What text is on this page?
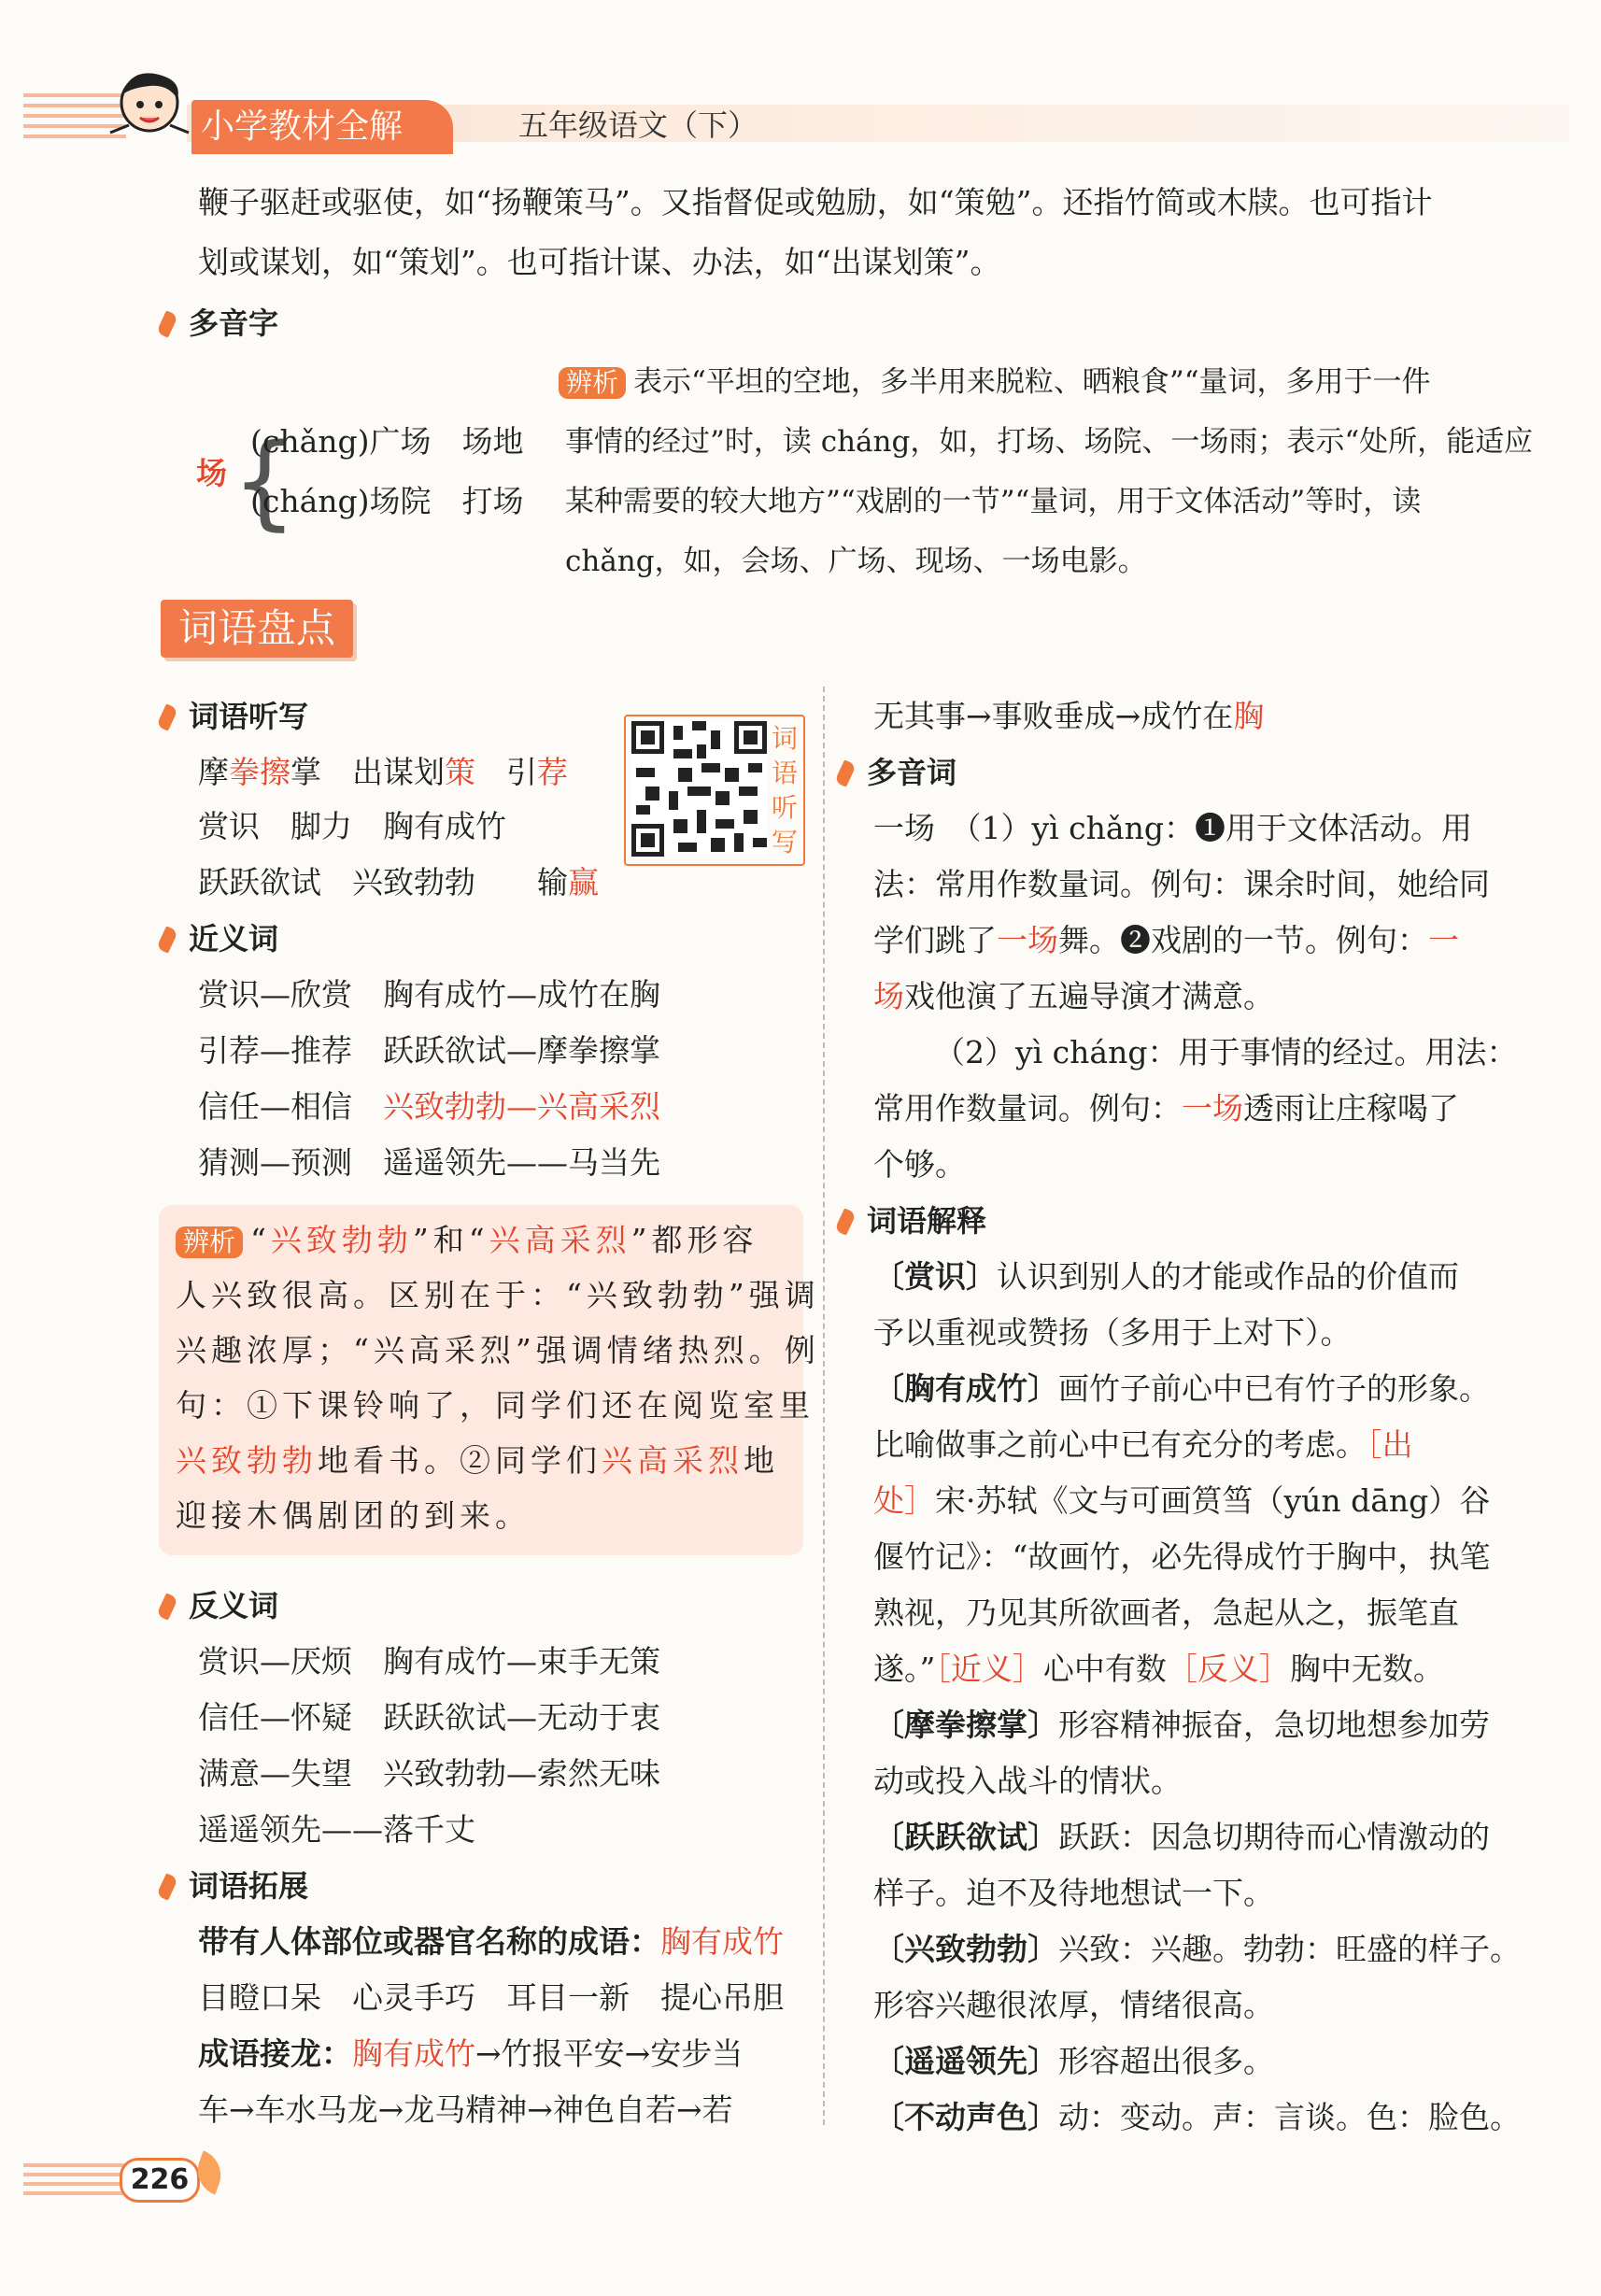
小学教材全解	五年级语文（下）
鞭子驱赶或驱使，如“扬鞭策马”。又指督促或勉励，如“策勉”。还指竹简或木牍。也可指计
划或谋划，如“策划”。也可指计谋、办法，如“出谋划策”。
多音字
场 {
(chǎng)广场　场地
(cháng)场院　打场
辨析 表示“平坦的空地，多半用来脱粒、晒粮食”“量词，多用于一件
事情的经过”时，读 cháng，如，打场、场院、一场雨；表示“处所，能适应
某种需要的较大地方”“戏剧的一节”“量词，用于文体活动”等时，读
chǎng，如，会场、广场、现场、一场电影。
词语盘点
词语听写
摩拳擦掌　出谋划策　引荐
赏识　脚力　胸有成竹
跃跃欲试　兴致勃勃　　输赢
词语听写
近义词
赏识—欣赏　胸有成竹—成竹在胸
引荐—推荐　跃跃欲试—摩拳擦掌
信任—相信　兴致勃勃—兴高采烈
猜测—预测　遥遥领先——马当先
辨析 “兴致勃勃”和“兴高采烈”都形容
人兴致很高。区别在于：“兴致勃勃”强调
兴趣浓厚；“兴高采烈”强调情绪热烈。例
句：①下课铃响了，同学们还在阅览室里
兴致勃勃地看书。②同学们兴高采烈地
迎接木偶剧团的到来。
反义词
赏识—厌烦　胸有成竹—束手无策
信任—怀疑　跃跃欲试—无动于衷
满意—失望　兴致勃勃—索然无味
遥遥领先——落千丈
词语拓展
带有人体部位或器官名称的成语：胸有成竹
目瞪口呆　心灵手巧　耳目一新　提心吊胆
成语接龙：胸有成竹→竹报平安→安步当
车→车水马龙→龙马精神→神色自若→若
无其事→事败垂成→成竹在胸
多音词
一场　（1）yì chǎng：❶用于文体活动。用
法：常用作数量词。例句：课余时间，她给同
学们跳了一场舞。❷戏剧的一节。例句：一
场戏他演了五遍导演才满意。
（2）yì cháng：用于事情的经过。用法：
常用作数量词。例句：一场透雨让庄稼喝了
个够。
词语解释
〔赏识〕认识到别人的才能或作品的价值而
予以重视或赞扬（多用于上对下）。
〔胸有成竹〕画竹子前心中已有竹子的形象。
比喻做事之前心中已有充分的考虑。［出
处］宋·苏轼《文与可画筼筜（yún dāng）谷
偃竹记》：“故画竹，必先得成竹于胸中，执笔
熟视，乃见其所欲画者，急起从之，振笔直
遂。”［近义］心中有数［反义］胸中无数。
〔摩拳擦掌〕形容精神振奋，急切地想参加劳
动或投入战斗的情状。
〔跃跃欲试〕跃跃：因急切期待而心情激动的
样子。迫不及待地想试一下。
〔兴致勃勃〕兴致：兴趣。勃勃：旺盛的样子。
形容兴趣很浓厚，情绪很高。
〔遥遥领先〕形容超出很多。
〔不动声色〕动：变动。声：言谈。色：脸色。
226
